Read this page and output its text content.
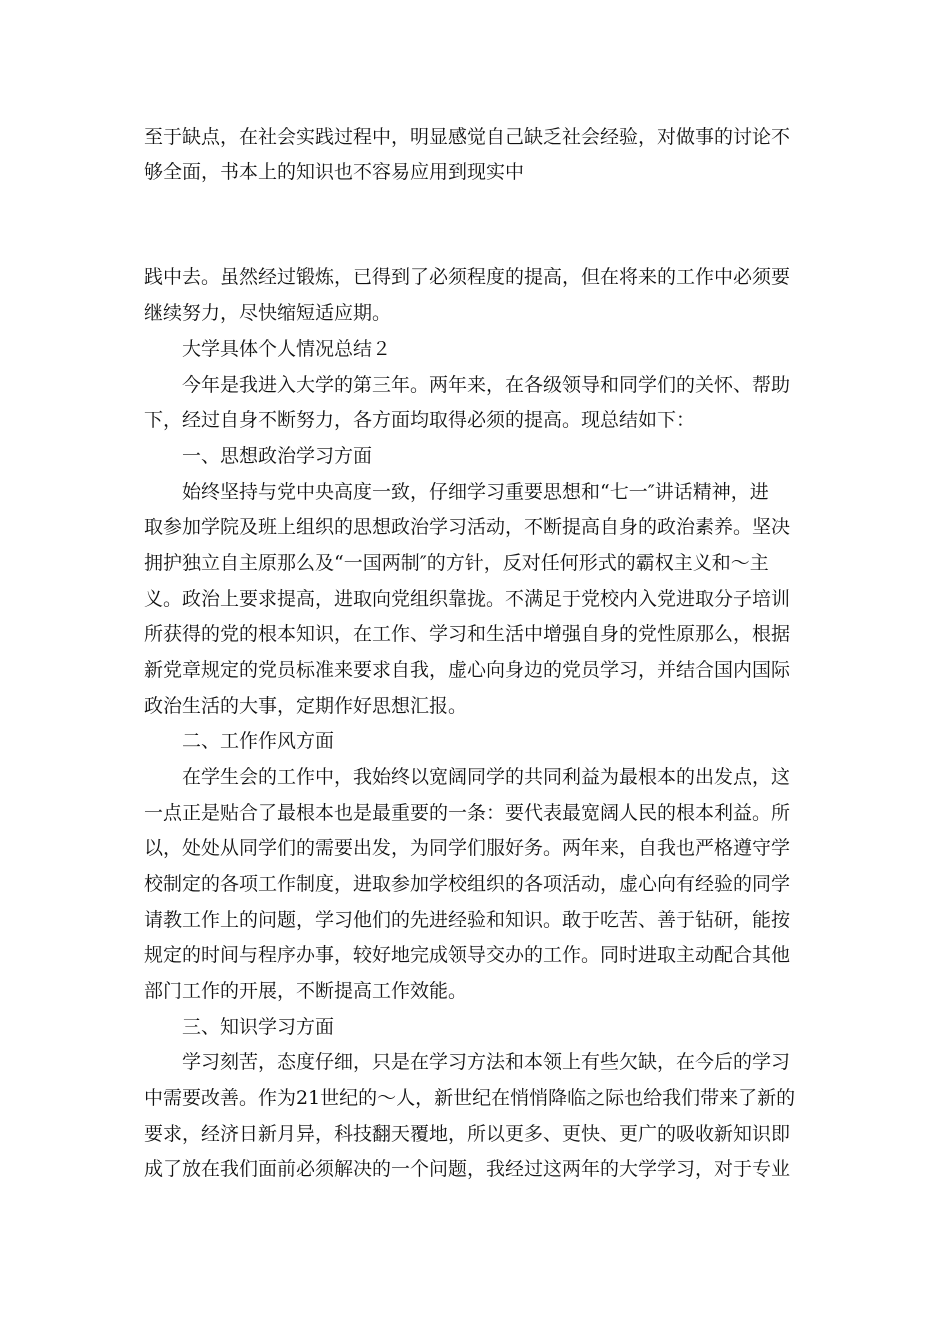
至于缺点，在社会实践过程中，明显感觉自己缺乏社会经验，对做事的讨论不

够全面，书本上的知识也不容易应用到现实中

践中去。虽然经过锻炼，已得到了必须程度的提高，但在将来的工作中必须要

继续努力，尽快缩短适应期。

大学具体个人情况总结２

今年是我进入大学的第三年。两年来，在各级领导和同学们的关怀、帮助

下，经过自身不断努力，各方面均取得必须的提高。现总结如下：

一、思想政治学习方面

始终坚持与党中央高度一致，仔细学习重要思想和“七一″讲话精神，进

取参加学院及班上组织的思想政治学习活动，不断提高自身的政治素养。坚决

拥护独立自主原那么及“一国两制″的方针，反对任何形式的霸权主义和～主

义。政治上要求提高，进取向党组织靠拢。不满足于党校内入党进取分子培训

所获得的党的根本知识，在工作、学习和生活中增强自身的党性原那么，根据

新党章规定的党员标准来要求自我，虚心向身边的党员学习，并结合国内国际

政治生活的大事，定期作好思想汇报。

二、工作作风方面

在学生会的工作中，我始终以宽阔同学的共同利益为最根本的出发点，这

一点正是贴合了最根本也是最重要的一条：要代表最宽阔人民的根本利益。所

以，处处从同学们的需要出发，为同学们服好务。两年来，自我也严格遵守学

校制定的各项工作制度，进取参加学校组织的各项活动，虚心向有经验的同学

请教工作上的问题，学习他们的先进经验和知识。敢于吃苦、善于钻研，能按

规定的时间与程序办事，较好地完成领导交办的工作。同时进取主动配合其他

部门工作的开展，不断提高工作效能。

三、知识学习方面

学习刻苦，态度仔细，只是在学习方法和本领上有些欠缺，在今后的学习

中需要改善。作为21世纪的～人，新世纪在悄悄降临之际也给我们带来了新的

要求，经济日新月异，科技翻天覆地，所以更多、更快、更广的吸收新知识即

成了放在我们面前必须解决的一个问题，我经过这两年的大学学习，对于专业
